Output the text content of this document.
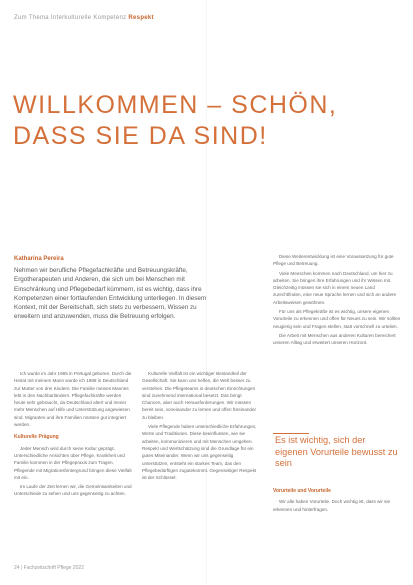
Zum Thema Interkulturelle Kompetenz Respekt
WILLKOMMEN – SCHÖN,
DASS SIE DA SIND!
Katharina Pereira
Nehmen wir berufliche Pflegefachkräfte und Betreuungskräfte, Ergotherapeuten und Anderen, die sich um bei Menschen mit Einschränkung und Pflegebedarf kümmern, ist es wichtig, dass ihre Kompetenzen einer fortlaufenden Entwicklung unterliegen. In diesem Kontext, mit der Bereitschaft, sich stets zu verbessern, Wissen zu erweitern und anzuwenden, muss die Betreuung erfolgen.

Ich wurde im Jahr 1985 in Portugal geboren. Durch die Heirat mit meinem Mann wurde ich 1988 in Deutschland zur Mutter von drei Kindern. Die Familie meines Mannes lebt in den Nachbarländern. Pflegefachkräfte werden heute sehr gebraucht, da Deutschland altert und immer mehr Menschen auf Hilfe und Unterstützung angewiesen sind. Migranten und ihre Familien müssen gut integriert werden.

Kulturelle Prägung

Jeder Mensch wird durch seine Kultur geprägt. Unterschiedliche Ansichten über Pflege, Krankheit und Familie kommen in der Pflegepraxis zum Tragen. Pflegende mit Migrationshintergrund bringen diese Vielfalt mit ein.

Im Laufe der Zeit lernen wir, die Gemeinsamkeiten und Unterschiede zu sehen und uns gegenseitig zu achten.

Kulturelle Vielfalt ist ein wichtiger Bestandteil der Gesellschaft. Sie kann uns helfen, die Welt besser zu verstehen. Die Pflegeteams in deutschen Einrichtungen sind zunehmend international besetzt. Das bringt Chancen, aber auch Herausforderungen. Wir müssen bereit sein, voneinander zu lernen und offen füreinander zu bleiben.

Viele Pflegende haben unterschiedliche Erfahrungen, Werte und Traditionen. Diese beeinflussen, wie sie arbeiten, kommunizieren und mit Menschen umgehen. Respekt und Wertschätzung sind die Grundlage für ein gutes Miteinander. Wenn wir uns gegenseitig unterstützen, entsteht ein starkes Team, das den Pflegebedürftigen zugutekommt. Gegenseitiger Respekt ist der Schlüssel.

Diese Weiterentwicklung ist eine Voraussetzung für gute Pflege und Betreuung.

Viele Menschen kommen nach Deutschland, um hier zu arbeiten. Sie bringen ihre Erfahrungen und ihr Wissen mit. Gleichzeitig müssen sie sich in einem neuen Land zurechtfinden, eine neue Sprache lernen und sich an andere Arbeitsweisen gewöhnen.

Für uns als Pflegekräfte ist es wichtig, unsere eigenen Vorurteile zu erkennen und offen für Neues zu sein. Wir sollten neugierig sein und Fragen stellen, statt vorschnell zu urteilen.

Die Arbeit mit Menschen aus anderen Kulturen bereichert unseren Alltag und erweitert unseren Horizont.

Es ist wichtig, sich der eigenen Vorurteile bewusst zu sein
Vorurteile und Vorurteile

Wir alle haben Vorurteile. Doch wichtig ist, dass wir sie erkennen und hinterfragen.

24 | Fachzeitschrift Pflege 2022
